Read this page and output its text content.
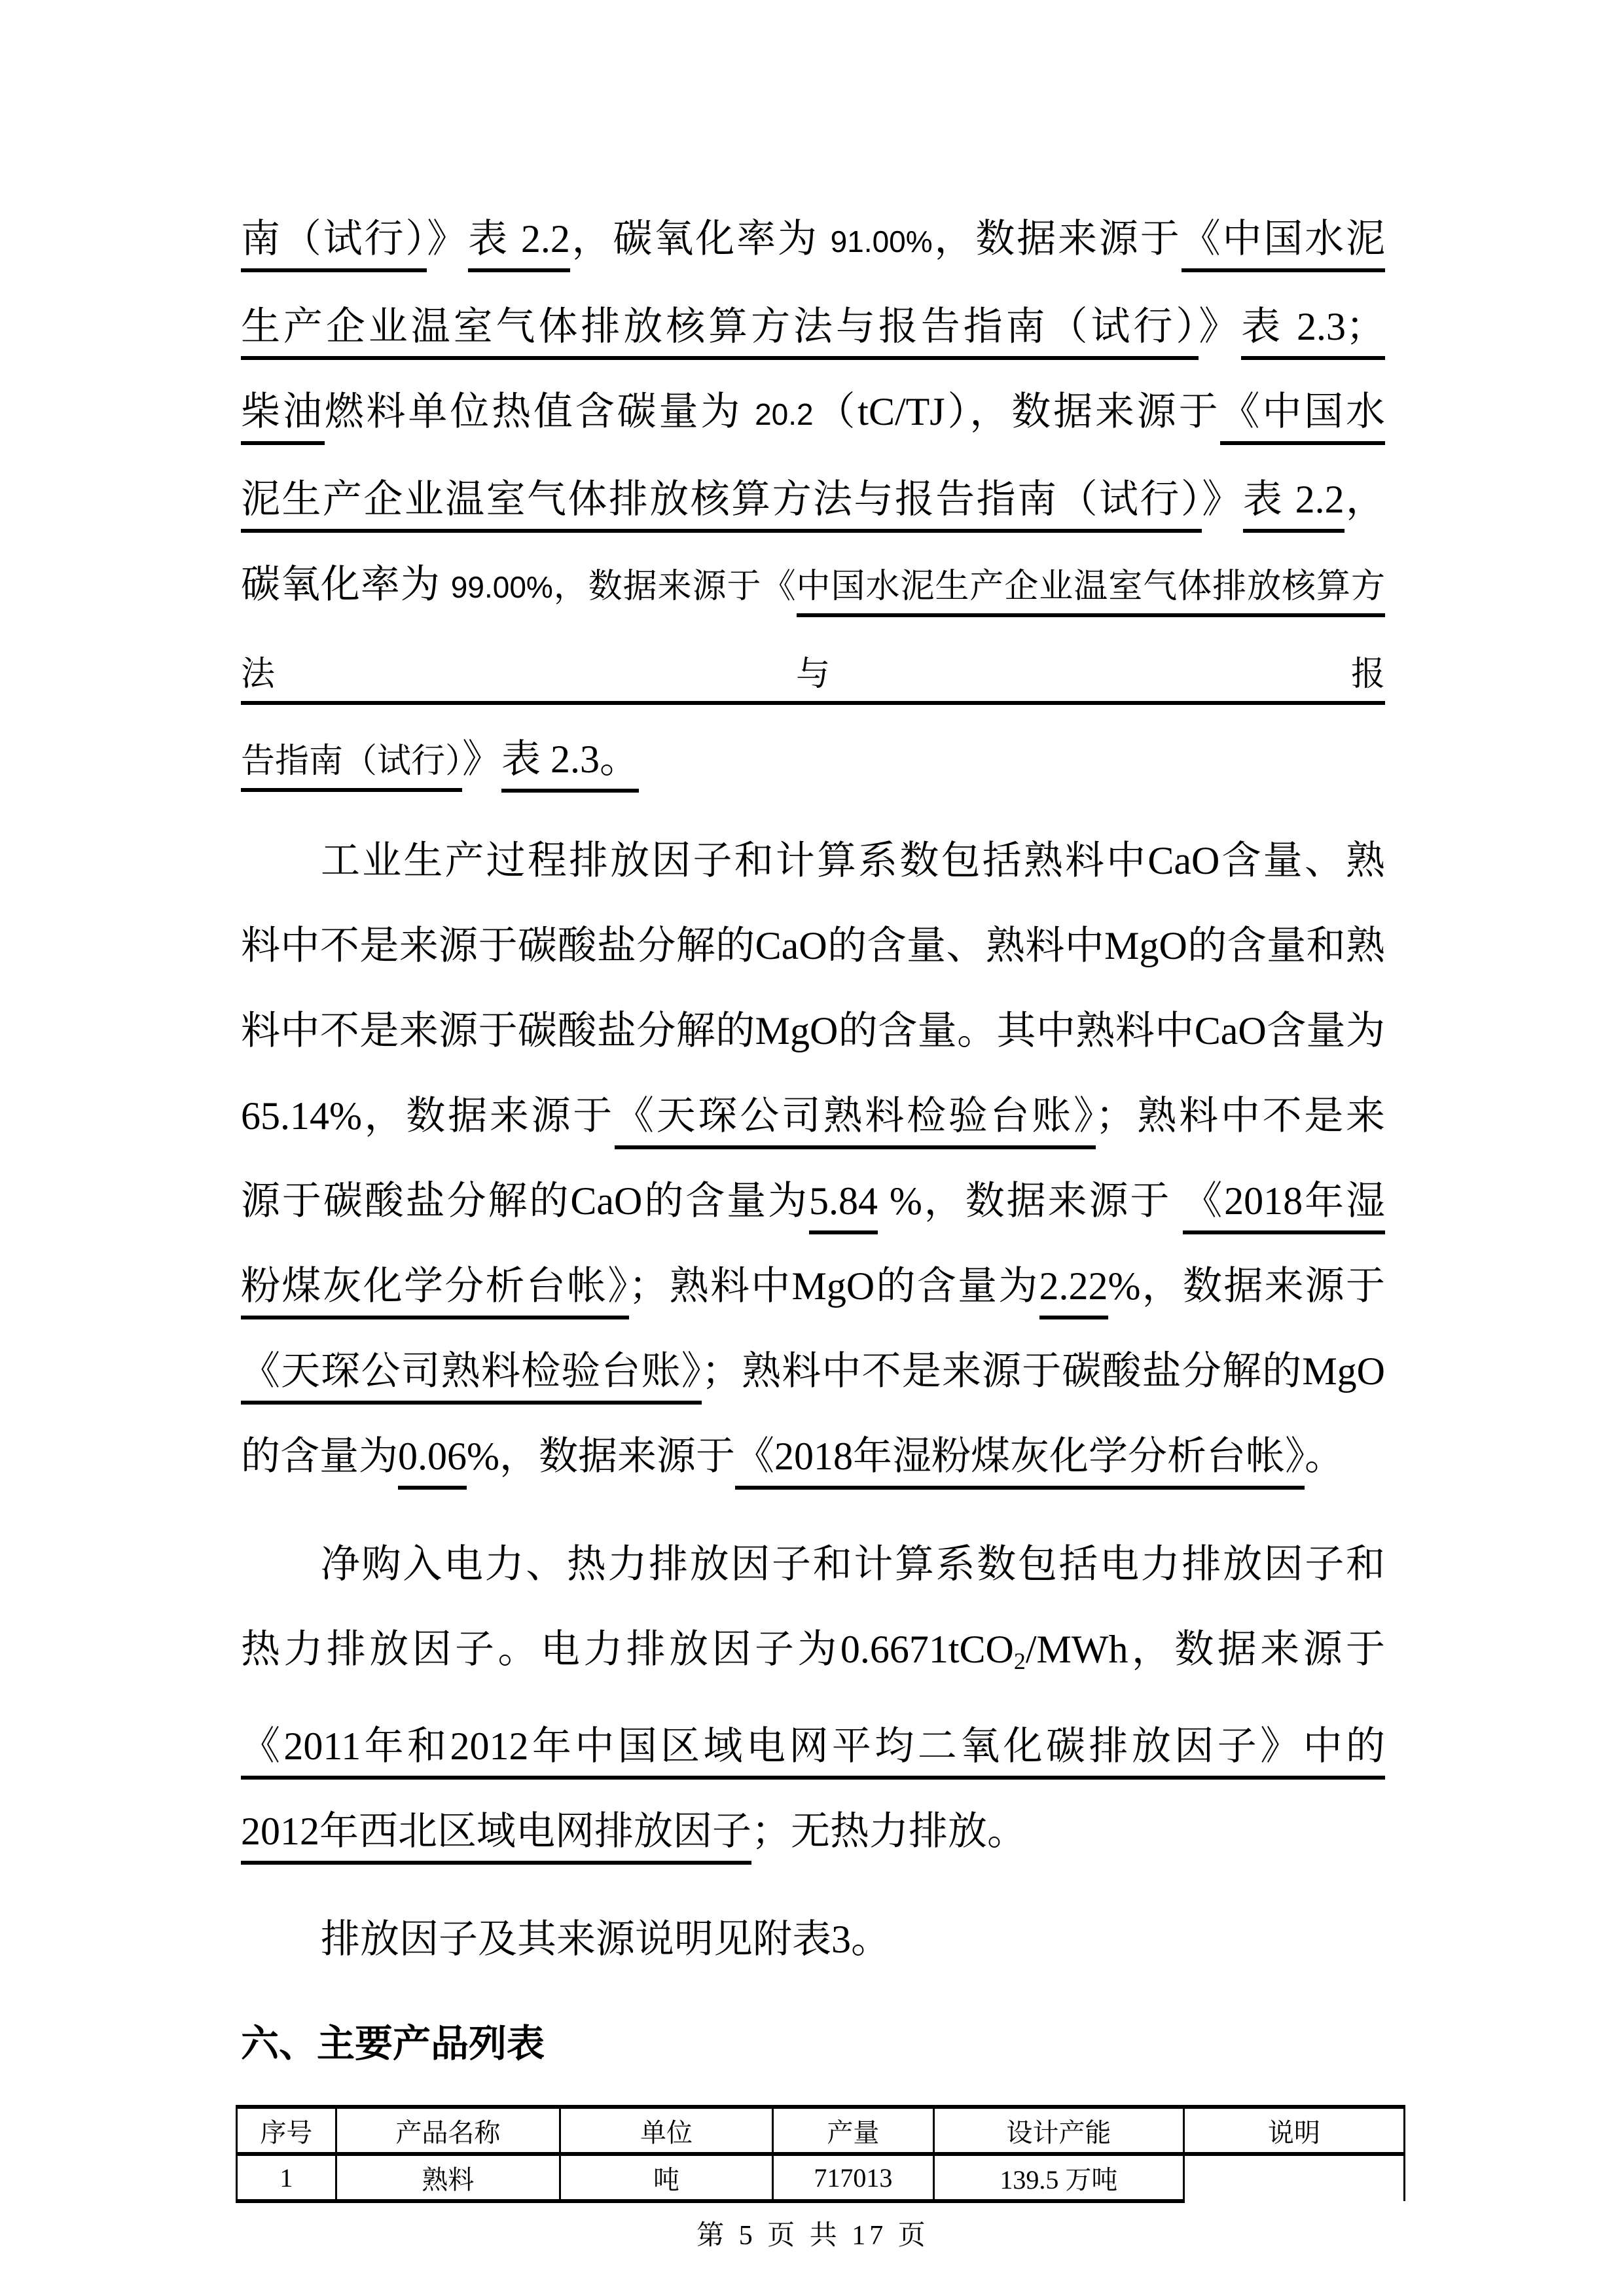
南（试行）》表 2.2，碳氧化率为 91.00%，数据来源于《中国水泥
生产企业温室气体排放核算方法与报告指南（试行）》表 2.3；
柴油燃料单位热值含碳量为 20.2（tC/TJ），数据来源于《中国水
泥生产企业温室气体排放核算方法与报告指南（试行）》表 2.2，
碳氧化率为 99.00%，数据来源于《中国水泥生产企业温室气体排放核算方法与报
告指南（试行）》表 2.3。
工业生产过程排放因子和计算系数包括熟料中CaO含量、熟
料中不是来源于碳酸盐分解的CaO的含量、熟料中MgO的含量和熟
料中不是来源于碳酸盐分解的MgO的含量。其中熟料中CaO含量为
65.14%，数据来源于《天琛公司熟料检验台账》；熟料中不是来
源于碳酸盐分解的CaO的含量为5.84 %，数据来源于 《2018年湿
粉煤灰化学分析台帐》；熟料中MgO的含量为2.22%，数据来源于
《天琛公司熟料检验台账》；熟料中不是来源于碳酸盐分解的MgO
的含量为0.06%，数据来源于《2018年湿粉煤灰化学分析台帐》。
净购入电力、热力排放因子和计算系数包括电力排放因子和
热力排放因子。电力排放因子为0.6671tCO$_2$/MWh，数据来源于
《2011年和2012年中国区域电网平均二氧化碳排放因子》中的
2012年西北区域电网排放因子；无热力排放。
排放因子及其来源说明见附表3。
六、主要产品列表
序号	产品名称	单位	产量	设计产能	说明
1	熟料	吨	717013	139.5 万吨	
第 5 页 共 17 页
